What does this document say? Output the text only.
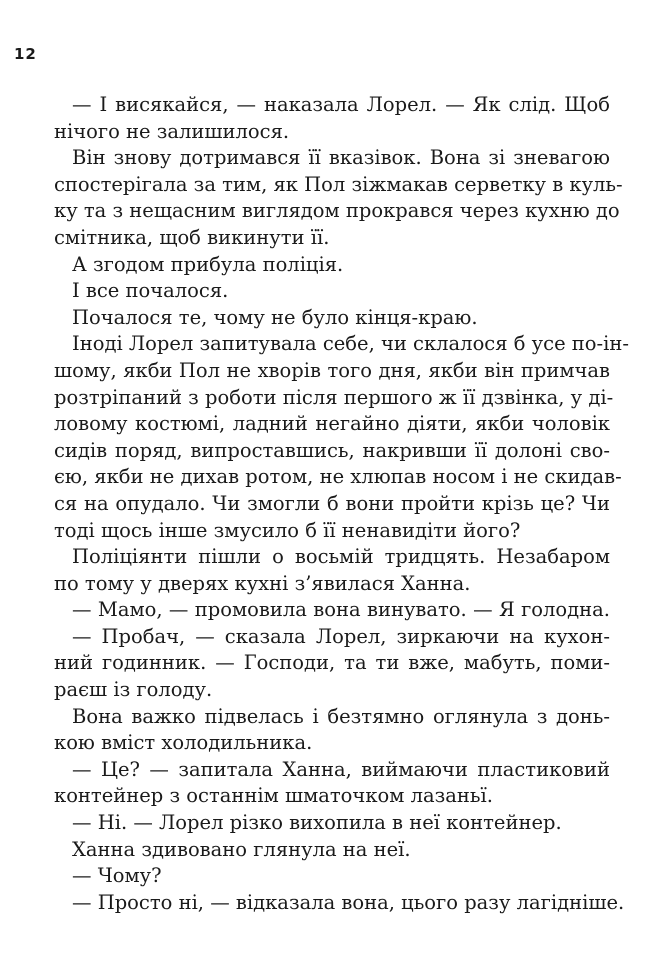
12
— І висякайся, — наказала Лорел. — Як слід. Щоб
нічого не залишилося.
Він знову дотримався її вказівок. Вона зі зневагою
спостерігала за тим, як Пол зіжмакав серветку в куль-
ку та з нещасним виглядом прокрався через кухню до
смітника, щоб викинути її.
А згодом прибула поліція.
І все почалося.
Почалося те, чому не було кінця-краю.
Іноді Лорел запитувала себе, чи склалося б усе по-ін-
шому, якби Пол не хворів того дня, якби він примчав
розтріпаний з роботи після першого ж її дзвінка, у ді-
ловому костюмі, ладний негайно діяти, якби чоловік
сидів поряд, випроставшись, накривши її долоні сво-
єю, якби не дихав ротом, не хлюпав носом і не скидав-
ся на опудало. Чи змогли б вони пройти крізь це? Чи
тоді щось інше змусило б її ненавидіти його?
Поліціянти пішли о восьмій тридцять. Незабаром
по тому у дверях кухні з’явилася Ханна.
— Мамо, — промовила вона винувато. — Я голодна.
— Пробач, — сказала Лорел, зиркаючи на кухон-
ний годинник. — Господи, та ти вже, мабуть, поми-
раєш із голоду.
Вона важко підвелась і безтямно оглянула з донь-
кою вміст холодильника.
— Це? — запитала Ханна, виймаючи пластиковий
контейнер з останнім шматочком лазаньї.
— Ні. — Лорел різко вихопила в неї контейнер.
Ханна здивовано глянула на неї.
— Чому?
— Просто ні, — відказала вона, цього разу лагідніше.
